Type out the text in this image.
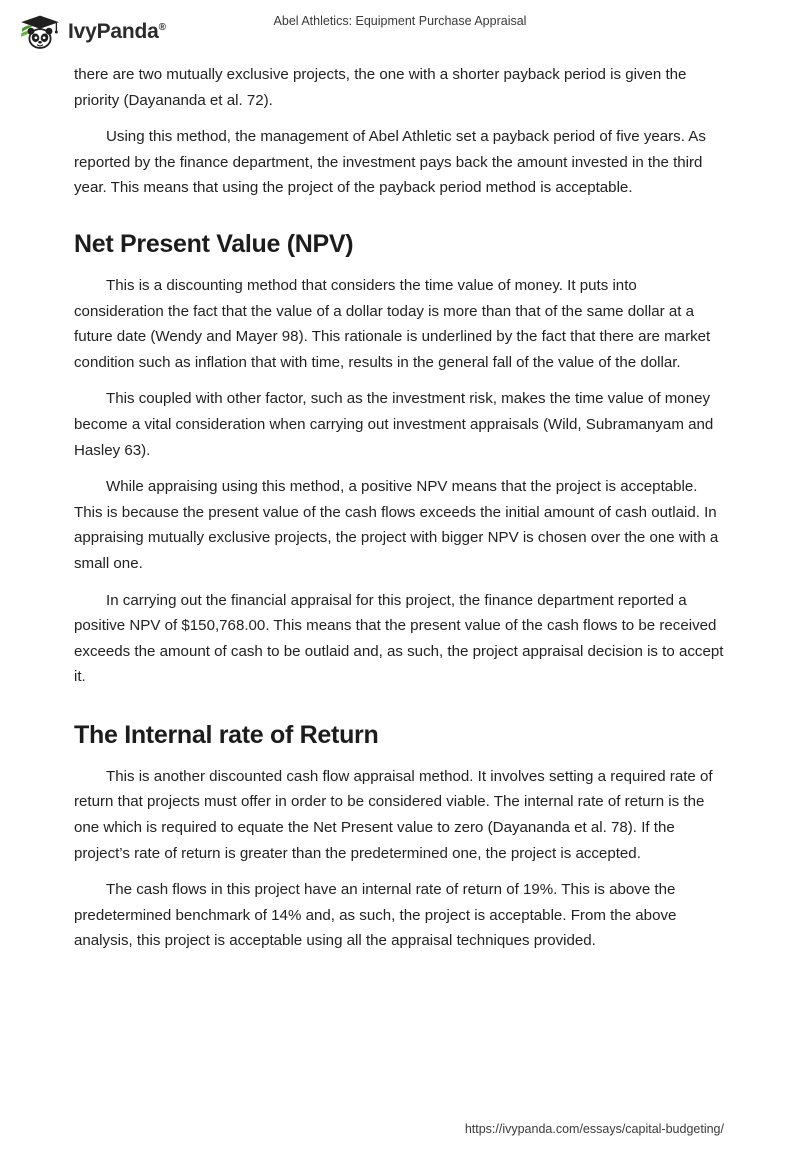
IvyPanda®	Abel Athletics: Equipment Purchase Appraisal

there are two mutually exclusive projects, the one with a shorter payback period is given the priority (Dayananda et al. 72).

Using this method, the management of Abel Athletic set a payback period of five years. As reported by the finance department, the investment pays back the amount invested in the third year. This means that using the project of the payback period method is acceptable.

Net Present Value (NPV)

This is a discounting method that considers the time value of money. It puts into consideration the fact that the value of a dollar today is more than that of the same dollar at a future date (Wendy and Mayer 98). This rationale is underlined by the fact that there are market condition such as inflation that with time, results in the general fall of the value of the dollar.

This coupled with other factor, such as the investment risk, makes the time value of money become a vital consideration when carrying out investment appraisals (Wild, Subramanyam and Hasley 63).

While appraising using this method, a positive NPV means that the project is acceptable. This is because the present value of the cash flows exceeds the initial amount of cash outlaid. In appraising mutually exclusive projects, the project with bigger NPV is chosen over the one with a small one.

In carrying out the financial appraisal for this project, the finance department reported a positive NPV of $150,768.00. This means that the present value of the cash flows to be received exceeds the amount of cash to be outlaid and, as such, the project appraisal decision is to accept it.

The Internal rate of Return

This is another discounted cash flow appraisal method. It involves setting a required rate of return that projects must offer in order to be considered viable. The internal rate of return is the one which is required to equate the Net Present value to zero (Dayananda et al. 78). If the project’s rate of return is greater than the predetermined one, the project is accepted.

The cash flows in this project have an internal rate of return of 19%. This is above the predetermined benchmark of 14% and, as such, the project is acceptable. From the above analysis, this project is acceptable using all the appraisal techniques provided.

https://ivypanda.com/essays/capital-budgeting/
